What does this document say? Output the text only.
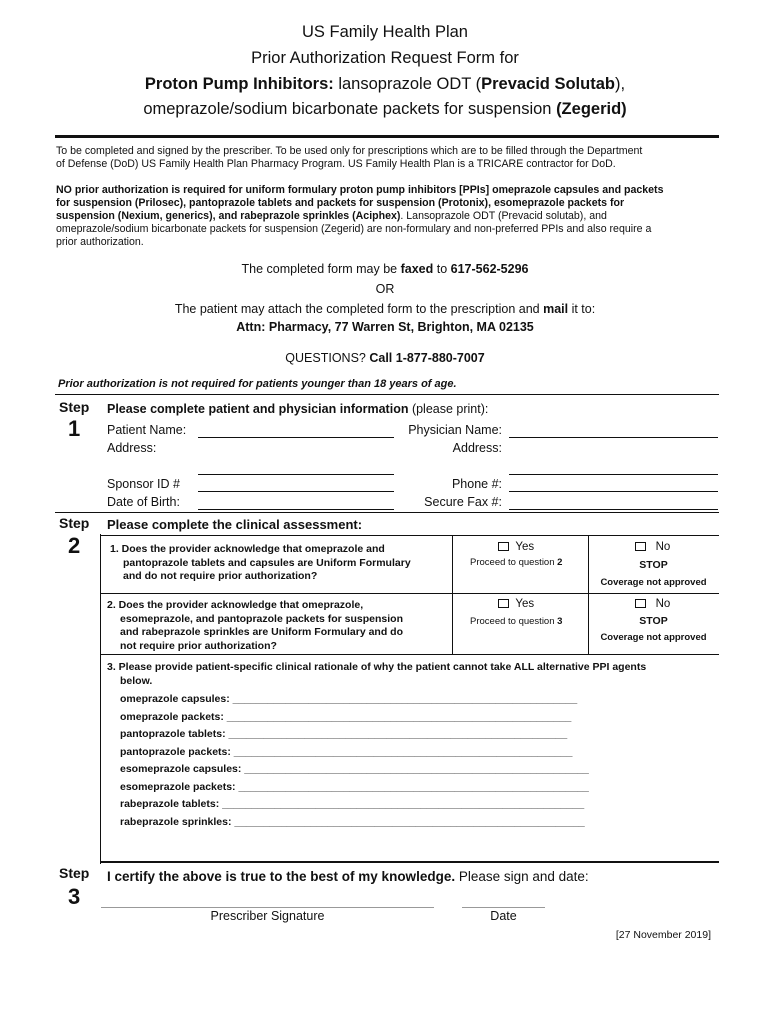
US Family Health Plan
Prior Authorization Request Form for
Proton Pump Inhibitors: lansoprazole ODT (Prevacid Solutab),
omeprazole/sodium bicarbonate packets for suspension (Zegerid)
To be completed and signed by the prescriber. To be used only for prescriptions which are to be filled through the Department
of Defense (DoD) US Family Health Plan Pharmacy Program. US Family Health Plan is a TRICARE contractor for DoD.
NO prior authorization is required for uniform formulary proton pump inhibitors [PPIs] omeprazole capsules and packets
for suspension (Prilosec), pantoprazole tablets and packets for suspension (Protonix), esomeprazole packets for
suspension (Nexium, generics), and rabeprazole sprinkles (Aciphex). Lansoprazole ODT (Prevacid solutab), and
omeprazole/sodium bicarbonate packets for suspension (Zegerid) are non-formulary and non-preferred PPIs and also require a
prior authorization.
The completed form may be faxed to 617-562-5296
OR
The patient may attach the completed form to the prescription and mail it to:
Attn: Pharmacy, 77 Warren St, Brighton, MA 02135
QUESTIONS? Call 1-877-880-7007
Prior authorization is not required for patients younger than 18 years of age.
Step
1
Please complete patient and physician information (please print):
Patient Name:
Address:
Sponsor ID #
Date of Birth:
Physician Name:
Address:
Phone #:
Secure Fax #:
Step
2
Please complete the clinical assessment:
1. Does the provider acknowledge that omeprazole and
pantoprazole tablets and capsules are Uniform Formulary
and do not require prior authorization?
Yes
Proceed to question 2
No
STOP
Coverage not approved
2. Does the provider acknowledge that omeprazole,
esomeprazole, and pantoprazole packets for suspension
and rabeprazole sprinkles are Uniform Formulary and do
not require prior authorization?
Yes
Proceed to question 3
No
STOP
Coverage not approved
3. Please provide patient-specific clinical rationale of why the patient cannot take ALL alternative PPI agents
below.
omeprazole capsules: ___________________________________________________________
omeprazole packets: ___________________________________________________________
pantoprazole tablets: __________________________________________________________
pantoprazole packets: __________________________________________________________
esomeprazole capsules: ___________________________________________________________
esomeprazole packets: ____________________________________________________________
rabeprazole tablets: ______________________________________________________________
rabeprazole sprinkles: ____________________________________________________________
Step
3
I certify the above is true to the best of my knowledge. Please sign and date:
Prescriber Signature	Date
[27 November 2019]
